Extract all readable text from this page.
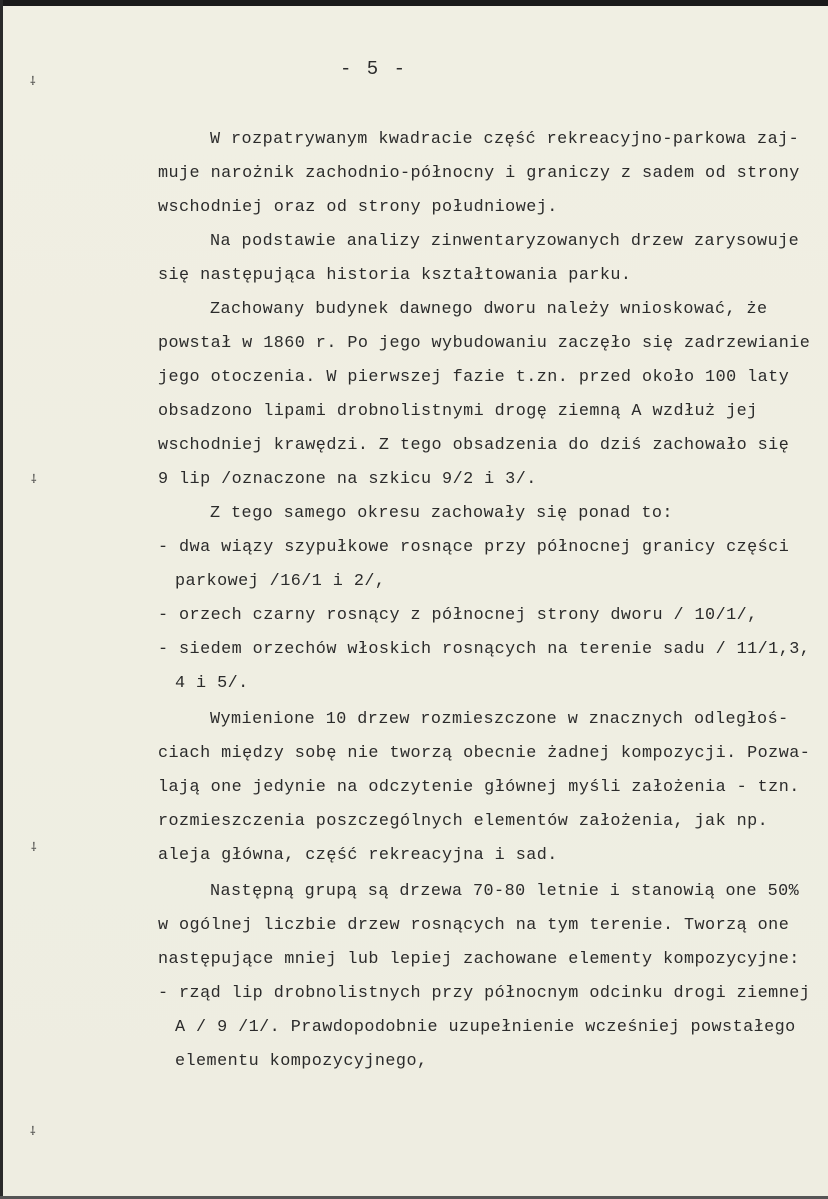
⸸
⸸
⸸
⸸
- 5 -
W rozpatrywanym kwadracie część rekreacyjno-parkowa zaj-
muje narożnik zachodnio-północny i graniczy z sadem od strony
wschodniej oraz od strony południowej.
Na podstawie analizy zinwentaryzowanych drzew zarysowuje
się następująca historia kształtowania parku.
Zachowany budynek dawnego dworu należy wnioskować, że
powstał w 1860 r. Po jego wybudowaniu zaczęło się zadrzewianie
jego otoczenia. W pierwszej fazie t.zn. przed około 100 laty
obsadzono lipami drobnolistnymi drogę ziemną A wzdłuż jej
wschodniej krawędzi. Z tego obsadzenia do dziś zachowało się
9 lip /oznaczone na szkicu 9/2 i 3/.
Z tego samego okresu zachowały się ponad to:
- dwa wiązy szypułkowe rosnące przy północnej granicy części
parkowej /16/1 i 2/,
- orzech czarny rosnący z północnej strony dworu / 10/1/,
- siedem orzechów włoskich rosnących na terenie sadu / 11/1,3,
4 i 5/.
Wymienione 10 drzew rozmieszczone w znacznych odległoś-
ciach między sobę nie tworzą obecnie żadnej kompozycji. Pozwa-
lają one jedynie na odczytenie głównej myśli założenia - tzn.
rozmieszczenia poszczególnych elementów założenia, jak np.
aleja główna, część rekreacyjna i sad.
Następną grupą są drzewa 70-80 letnie i stanowią one 50%
w ogólnej liczbie drzew rosnących na tym terenie. Tworzą one
następujące mniej lub lepiej zachowane elementy kompozycyjne:
- rząd lip drobnolistnych przy północnym odcinku drogi ziemnej
A / 9 /1/. Prawdopodobnie uzupełnienie wcześniej powstałego
elementu kompozycyjnego,
